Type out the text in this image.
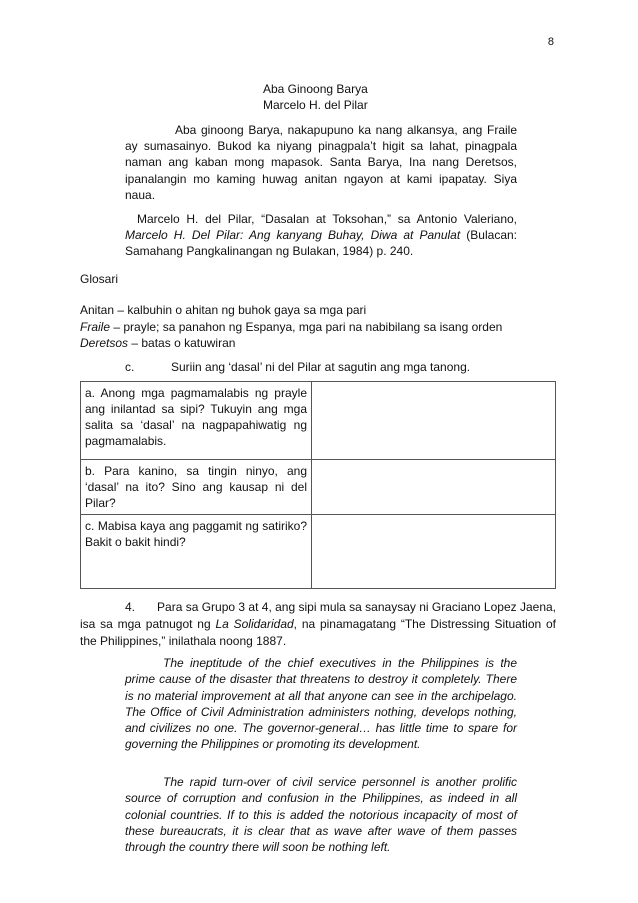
8
Aba Ginoong Barya
Marcelo H. del Pilar
Aba ginoong Barya, nakapupuno ka nang alkansya, ang Fraile ay sumasainyo. Bukod ka niyang pinagpala’t higit sa lahat, pinagpala naman ang kaban mong mapasok. Santa Barya, Ina nang Deretsos, ipanalangin mo kaming huwag anitan ngayon at kami ipapatay. Siya naua.
Marcelo H. del Pilar, “Dasalan at Toksohan,” sa Antonio Valeriano, Marcelo H. Del Pilar: Ang kanyang Buhay, Diwa at Panulat (Bulacan: Samahang Pangkalinangan ng Bulakan, 1984) p. 240.
Glosari
Anitan – kalbuhin o ahitan ng buhok gaya sa mga pari
Fraile – prayle; sa panahon ng Espanya, mga pari na nabibilang sa isang orden
Deretsos – batas o katuwiran
c.	Suriin ang ‘dasal’ ni del Pilar at sagutin ang mga tanong.
a. Anong mga pagmamalabis ng prayle ang inilantad sa sipi? Tukuyin ang mga salita sa ‘dasal’ na nagpapahiwatig ng pagmamalabis.	
b. Para kanino, sa tingin ninyo, ang ‘dasal’ na ito? Sino ang kausap ni del Pilar?	
c. Mabisa kaya ang paggamit ng satiriko? Bakit o bakit hindi?	
4. Para sa Grupo 3 at 4, ang sipi mula sa sanaysay ni Graciano Lopez Jaena, isa sa mga patnugot ng La Solidaridad, na pinamagatang “The Distressing Situation of the Philippines,” inilathala noong 1887.
The ineptitude of the chief executives in the Philippines is the prime cause of the disaster that threatens to destroy it completely. There is no material improvement at all that anyone can see in the archipelago. The Office of Civil Administration administers nothing, develops nothing, and civilizes no one. The governor-general… has little time to spare for governing the Philippines or promoting its development.
The rapid turn-over of civil service personnel is another prolific source of corruption and confusion in the Philippines, as indeed in all colonial countries. If to this is added the notorious incapacity of most of these bureaucrats, it is clear that as wave after wave of them passes through the country there will soon be nothing left.
